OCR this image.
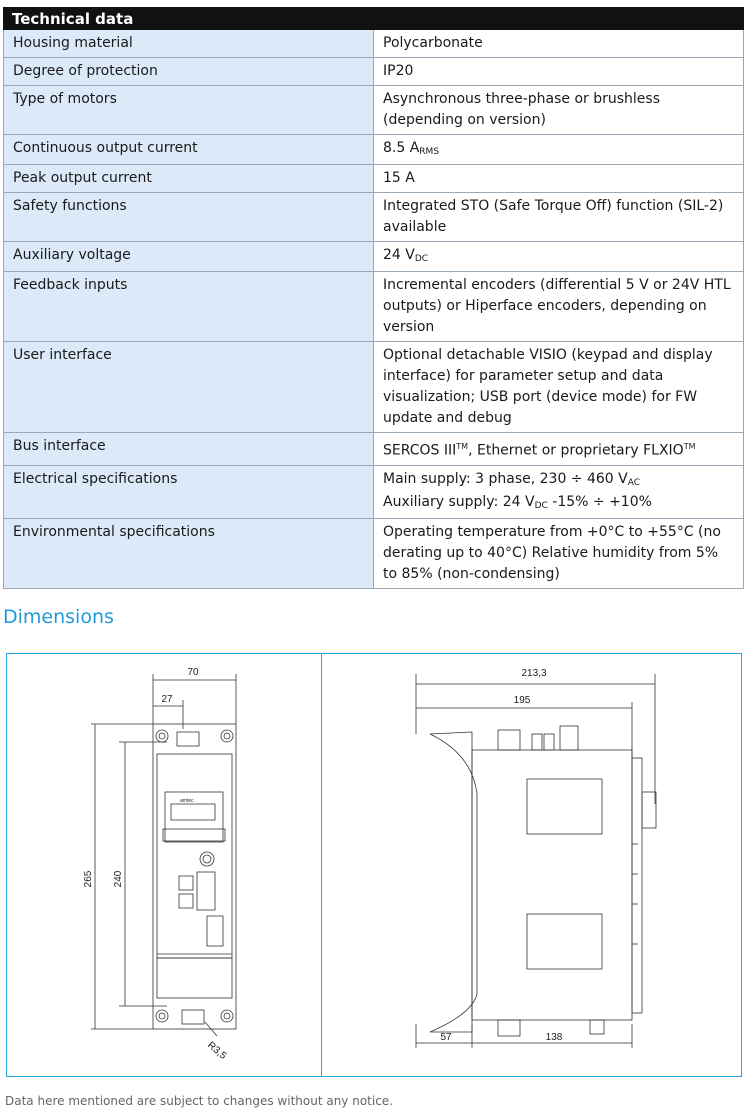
Technical data	
Housing material	Polycarbonate
Degree of protection	IP20
Type of motors	Asynchronous three-phase or brushless (depending on version)
Continuous output current	8.5 $A_{RMS}$
Peak output current	15 A
Safety functions	Integrated STO (Safe Torque Off) function (SIL-2) available
Auxiliary voltage	24 $V_{DC}$
Feedback inputs	Incremental encoders (differential 5 V or 24V HTL outputs) or Hiperface encoders, depending on version
User interface	Optional detachable VISIO (keypad and display interface) for parameter setup and data visualization; USB port (device mode) for FW update and debug
Bus interface	SERCOS III™, Ethernet or proprietary FLXIO™
Electrical specifications	Main supply: 3 phase, 230 ÷ 460 $V_{AC}$
Auxiliary supply: 24 $V_{DC}$ -15% ÷ +10%

Environmental specifications	Operating temperature from +0°C to +55°C (no derating up to 40°C) Relative humidity from 5% to 85% (non-condensing)
Dimensions
70
27
265 240
R3,5
amtec
213,3
195
57	138
Data here mentioned are subject to changes without any notice.
